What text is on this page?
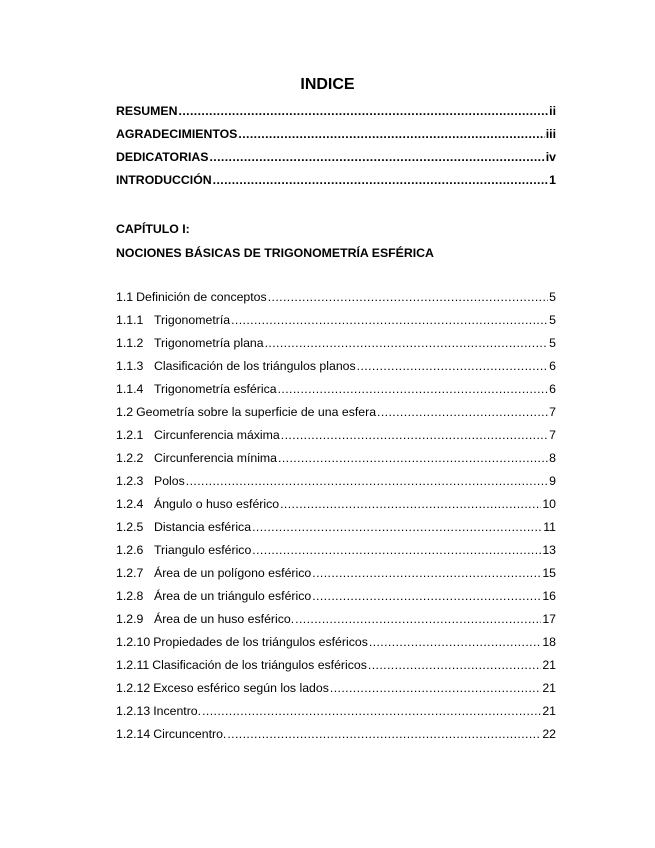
INDICE
RESUMEN .....	ii
AGRADECIMIENTOS .....	iii
DEDICATORIAS .....	iv
INTRODUCCIÓN .....	1
CAPÍTULO I:
NOCIONES BÁSICAS DE TRIGONOMETRÍA ESFÉRICA
1.1 Definición de conceptos .....	5
1.1.1 Trigonometría .....	5
1.1.2 Trigonometría plana .....	5
1.1.3 Clasificación de los triángulos planos .....	6
1.1.4 Trigonometría esférica .....	6
1.2 Geometría sobre la superficie de una esfera .....	7
1.2.1 Circunferencia máxima .....	7
1.2.2 Circunferencia mínima .....	8
1.2.3 Polos .....	9
1.2.4 Ángulo o huso esférico .....	10
1.2.5 Distancia esférica .....	11
1.2.6 Triangulo esférico .....	13
1.2.7 Área de un polígono esférico .....	15
1.2.8 Área de un triángulo esférico .....	16
1.2.9 Área de un huso esférico. .....	17
1.2.10 Propiedades de los triángulos esféricos .....	18
1.2.11 Clasificación de los triángulos esféricos .....	21
1.2.12 Exceso esférico según los lados .....	21
1.2.13 Incentro. .....	21
1.2.14 Circuncentro. .....	22
